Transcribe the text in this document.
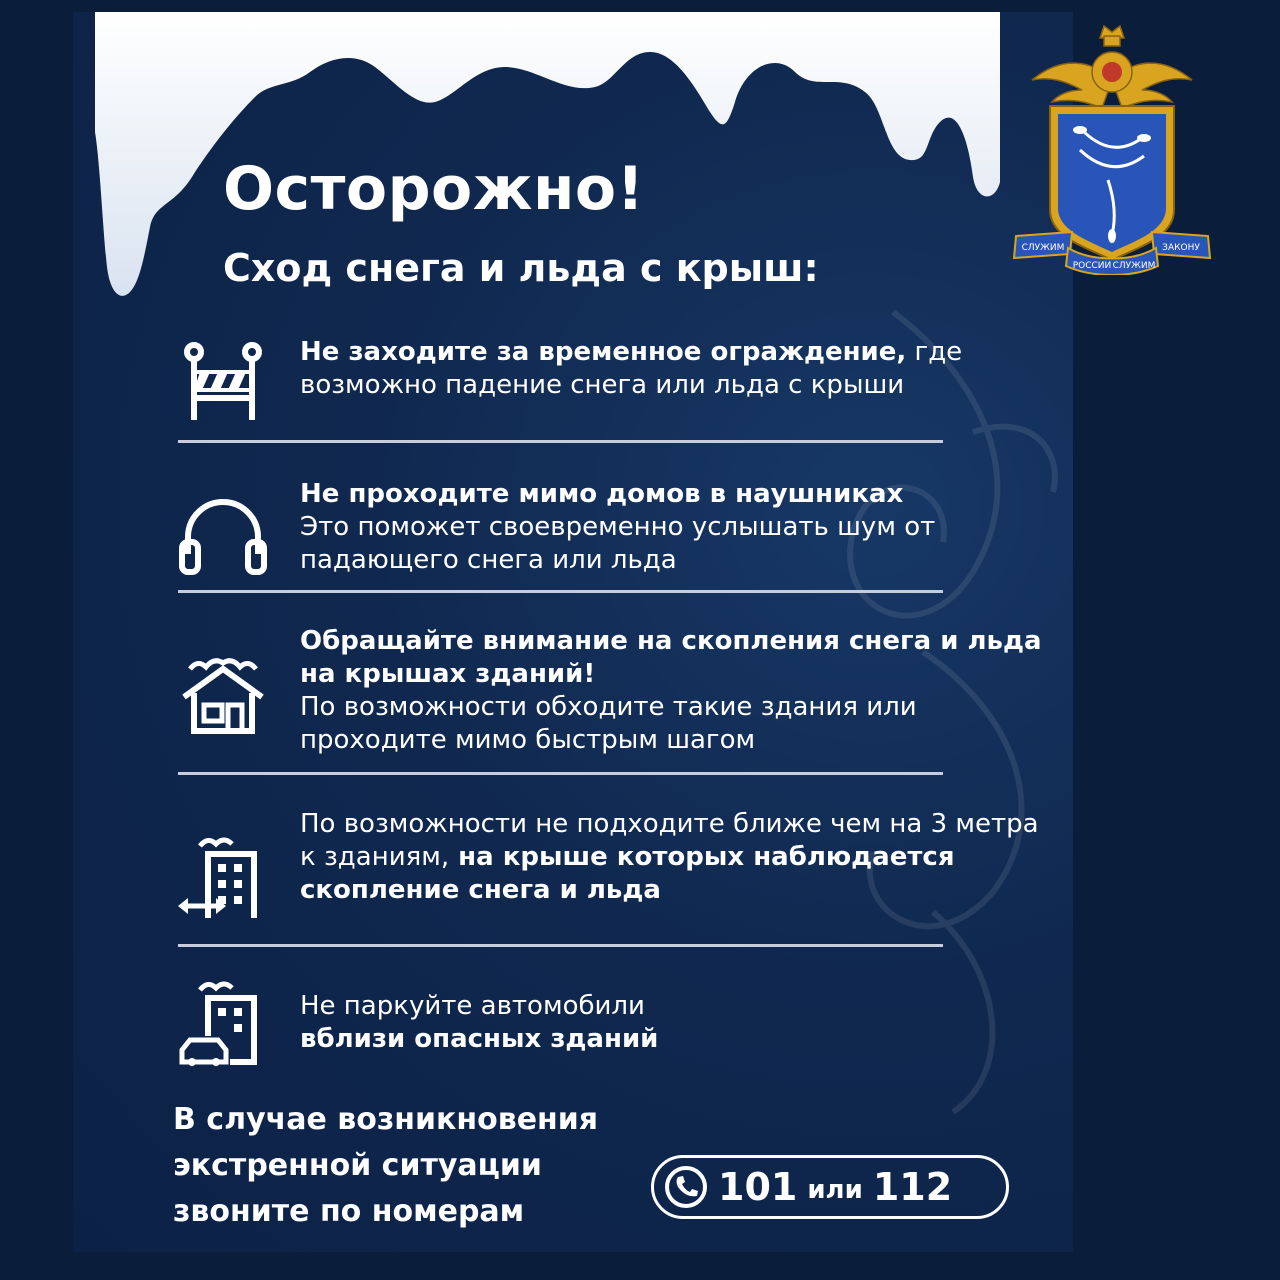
Осторожно!
Сход снега и льда с крыш:

Не заходите за временное ограждение, где возможно падение снега или льда с крыши

Не проходите мимо домов в наушниках
Это поможет своевременно услышать шум от падающего снега или льда

Обращайте внимание на скопления снега и льда на крышах зданий!
По возможности обходите такие здания или проходите мимо быстрым шагом

По возможности не подходите ближе чем на 3 метра к зданиям, на крыше которых наблюдается скопление снега и льда

Не паркуйте автомобили
вблизи опасных зданий

В случае возникновения
экстренной ситуации
звоните по номерам

101 или 112
СЛУЖИМ
РОССИИ СЛУЖИМ
ЗАКОНУ
